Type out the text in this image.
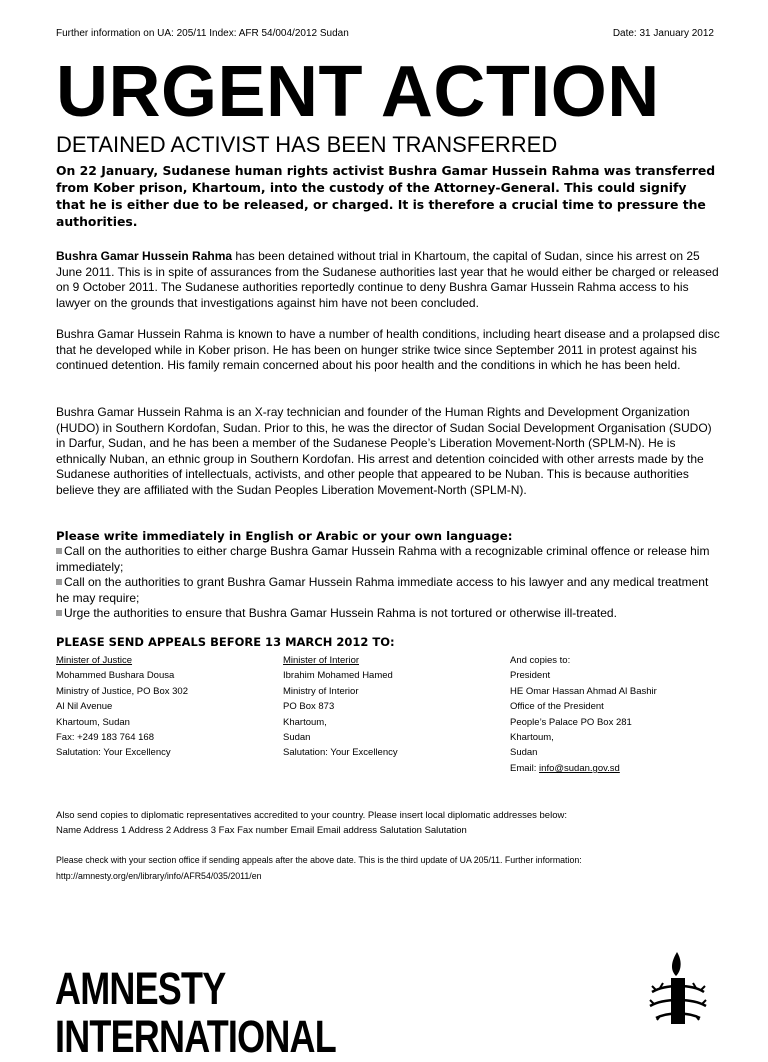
Further information on UA: 205/11 Index: AFR 54/004/2012 Sudan	Date: 31 January 2012
URGENT ACTION
DETAINED ACTIVIST HAS BEEN TRANSFERRED
On 22 January, Sudanese human rights activist Bushra Gamar Hussein Rahma was transferred from Kober prison, Khartoum, into the custody of the Attorney-General. This could signify that he is either due to be released, or charged. It is therefore a crucial time to pressure the authorities.
Bushra Gamar Hussein Rahma has been detained without trial in Khartoum, the capital of Sudan, since his arrest on 25 June 2011. This is in spite of assurances from the Sudanese authorities last year that he would either be charged or released on 9 October 2011. The Sudanese authorities reportedly continue to deny Bushra Gamar Hussein Rahma access to his lawyer on the grounds that investigations against him have not been concluded.
Bushra Gamar Hussein Rahma is known to have a number of health conditions, including heart disease and a prolapsed disc that he developed while in Kober prison. He has been on hunger strike twice since September 2011 in protest against his continued detention. His family remain concerned about his poor health and the conditions in which he has been held.
Bushra Gamar Hussein Rahma is an X-ray technician and founder of the Human Rights and Development Organization (HUDO) in Southern Kordofan, Sudan. Prior to this, he was the director of Sudan Social Development Organisation (SUDO) in Darfur, Sudan, and he has been a member of the Sudanese People’s Liberation Movement-North (SPLM-N). He is ethnically Nuban, an ethnic group in Southern Kordofan. His arrest and detention coincided with other arrests made by the Sudanese authorities of intellectuals, activists, and other people that appeared to be Nuban. This is because authorities believe they are affiliated with the Sudan Peoples Liberation Movement-North (SPLM-N).
Please write immediately in English or Arabic or your own language:
Call on the authorities to either charge Bushra Gamar Hussein Rahma with a recognizable criminal offence or release him immediately;
Call on the authorities to grant Bushra Gamar Hussein Rahma immediate access to his lawyer and any medical treatment he may require;
Urge the authorities to ensure that Bushra Gamar Hussein Rahma is not tortured or otherwise ill-treated.
PLEASE SEND APPEALS BEFORE 13 MARCH 2012 TO:
Minister of Justice
Mohammed Bushara Dousa
Ministry of Justice, PO Box 302
Al Nil Avenue
Khartoum, Sudan
Fax: +249 183 764 168
Salutation: Your Excellency
Minister of Interior
Ibrahim Mohamed Hamed
Ministry of Interior
PO Box 873
Khartoum,
Sudan
Salutation: Your Excellency
And copies to:
President
HE Omar Hassan Ahmad Al Bashir
Office of the President
People’s Palace PO Box 281
Khartoum,
Sudan
Email: info@sudan.gov.sd
Also send copies to diplomatic representatives accredited to your country. Please insert local diplomatic addresses below:
Name Address 1 Address 2 Address 3 Fax Fax number Email Email address Salutation Salutation
Please check with your section office if sending appeals after the above date. This is the third update of UA 205/11. Further information:
http://amnesty.org/en/library/info/AFR54/035/2011/en
AMNESTY
INTERNATIONAL
